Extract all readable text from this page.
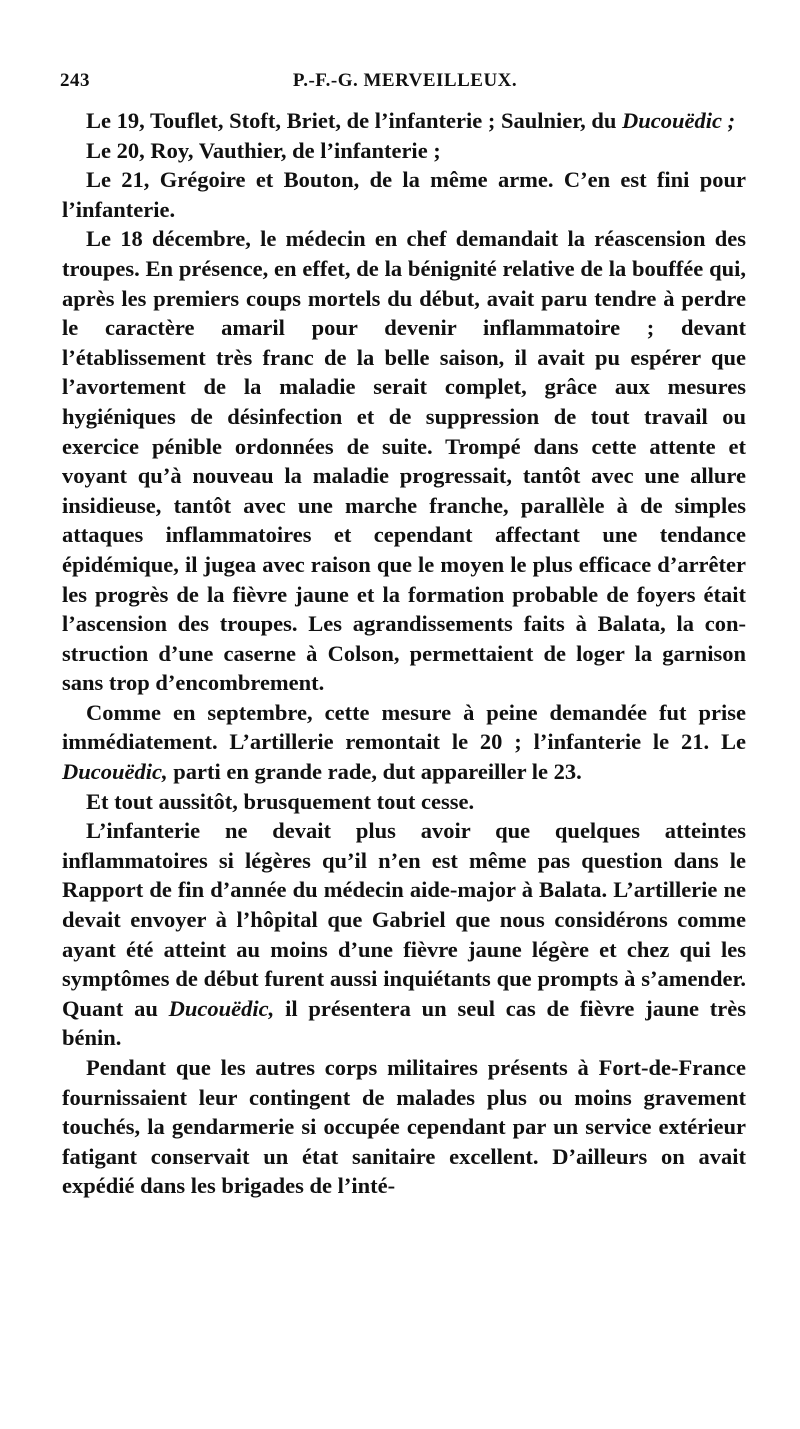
243	P.-F.-G. MERVEILLEUX.

Le 19, Touflet, Stoft, Briet, de l’infanterie ; Saulnier, du Ducouëdic ;

Le 20, Roy, Vauthier, de l’infanterie ;

Le 21, Grégoire et Bouton, de la même arme. C’en est fini pour l’infanterie.

Le 18 décembre, le médecin en chef demandait la réascension des troupes. En présence, en effet, de la bénignité relative de la bouffée qui, après les premiers coups mortels du début, avait paru tendre à perdre le caractère amaril pour devenir inflammatoire ; devant l’établissement très franc de la belle saison, il avait pu espérer que l’avortement de la maladie serait complet, grâce aux mesures hygiéniques de désinfection et de suppression de tout travail ou exercice pénible ordonnées de suite. Trompé dans cette attente et voyant qu’à nouveau la maladie progressait, tantôt avec une allure insidieuse, tantôt avec une marche franche, parallèle à de simples attaques inflammatoires et cependant affectant une tendance épidémique, il jugea avec raison que le moyen le plus efficace d’arrêter les progrès de la fièvre jaune et la formation probable de foyers était l’ascension des troupes. Les agrandissements faits à Balata, la construction d’une caserne à Colson, permettaient de loger la garnison sans trop d’encombrement.

Comme en septembre, cette mesure à peine demandée fut prise immédiatement. L’artillerie remontait le 20 ; l’infanterie le 21. Le Ducouëdic, parti en grande rade, dut appareiller le 23.

Et tout aussitôt, brusquement tout cesse.

L’infanterie ne devait plus avoir que quelques atteintes inflammatoires si légères qu’il n’en est même pas question dans le Rapport de fin d’année du médecin aide-major à Balata. L’artillerie ne devait envoyer à l’hôpital que Gabriel que nous considérons comme ayant été atteint au moins d’une fièvre jaune légère et chez qui les symptômes de début furent aussi inquiétants que prompts à s’amender. Quant au Ducouëdic, il présentera un seul cas de fièvre jaune très bénin.

Pendant que les autres corps militaires présents à Fort-de-France fournissaient leur contingent de malades plus ou moins gravement touchés, la gendarmerie si occupée cependant par un service extérieur fatigant conservait un état sanitaire excellent. D’ailleurs on avait expédié dans les brigades de l’inté-
